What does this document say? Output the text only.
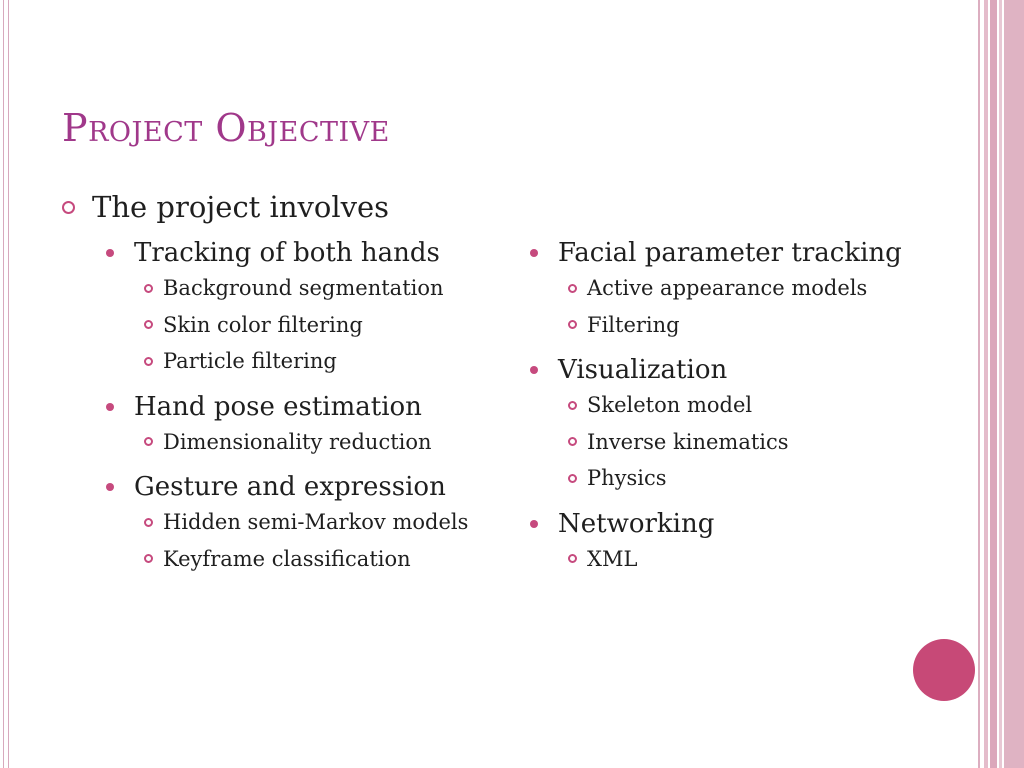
Project Objective
The project involves
Tracking of both hands
Background segmentation
Skin color filtering
Particle filtering
Hand pose estimation
Dimensionality reduction
Gesture and expression
Hidden semi-Markov models
Keyframe classification
Facial parameter tracking
Active appearance models
Filtering
Visualization
Skeleton model
Inverse kinematics
Physics
Networking
XML
